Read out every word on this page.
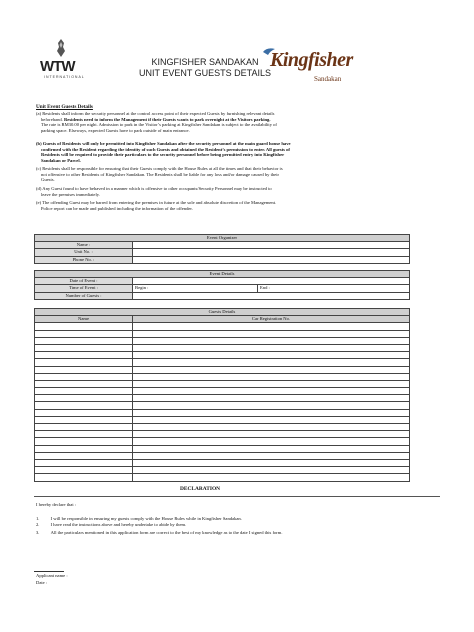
WTW
INTERNATIONAL
KINGFISHER SANDAKAN
UNIT EVENT GUESTS DETAILS
Kingfisher
Sandakan
Unit Event Guests Details
(a) Residents shall inform the security personnel at the control access point of their expected Guests by furnishing relevant details
beforehand. Residents need to inform the Management if their Guests wants to park overnight at the Visitors parking.
The rate is RM30.00 per night. Admission to park in the Visitor’s parking at Kingfisher Sandakan is subject to the availability of
parking space. Elseways, expected Guests have to park outside of main entrance.
(b) Guests of Residents will only be permitted into Kingfisher Sandakan after the security personnel at the main guard house have
confirmed with the Resident regarding the identity of such Guests and obtained the Resident’s permission to enter. All guests of
Residents will be required to provide their particulars to the security personnel before being permitted entry into Kingfisher
Sandakan or Parcel.
(c) Residents shall be responsible for ensuring that their Guests comply with the House Rules at all the times and that their behavior is
not offensive to other Residents of Kingfisher Sandakan. The Residents shall be liable for any loss and/or damage caused by their
Guests.
(d) Any Guest found to have behaved in a manner which is offensive to other occupants/Security Personnel may be instructed to
leave the premises immediately.
(e) The offending Guest may be barred from entering the premises in future at the sole and absolute discretion of the Management.
Police report can be made and published including the information of the offender.
Event Organizer	
Name :	
Unit No. :	
Phone No. :	
Event Details		
Date of Event :		
Time of Event :	Begin :	End :
Number of Guests :		
Guests Details	
Name	Car Registration No.

DECLARATION
I hereby declare that :
1. I will be responsible in ensuring my guests comply with the House Rules while in Kingfisher Sandakan.
2. I have read the instructions above and hereby undertake to abide by them.
3. All the particulars mentioned in this application form are correct to the best of my knowledge as to the date I signed this form.
Applicant name :
Date :
